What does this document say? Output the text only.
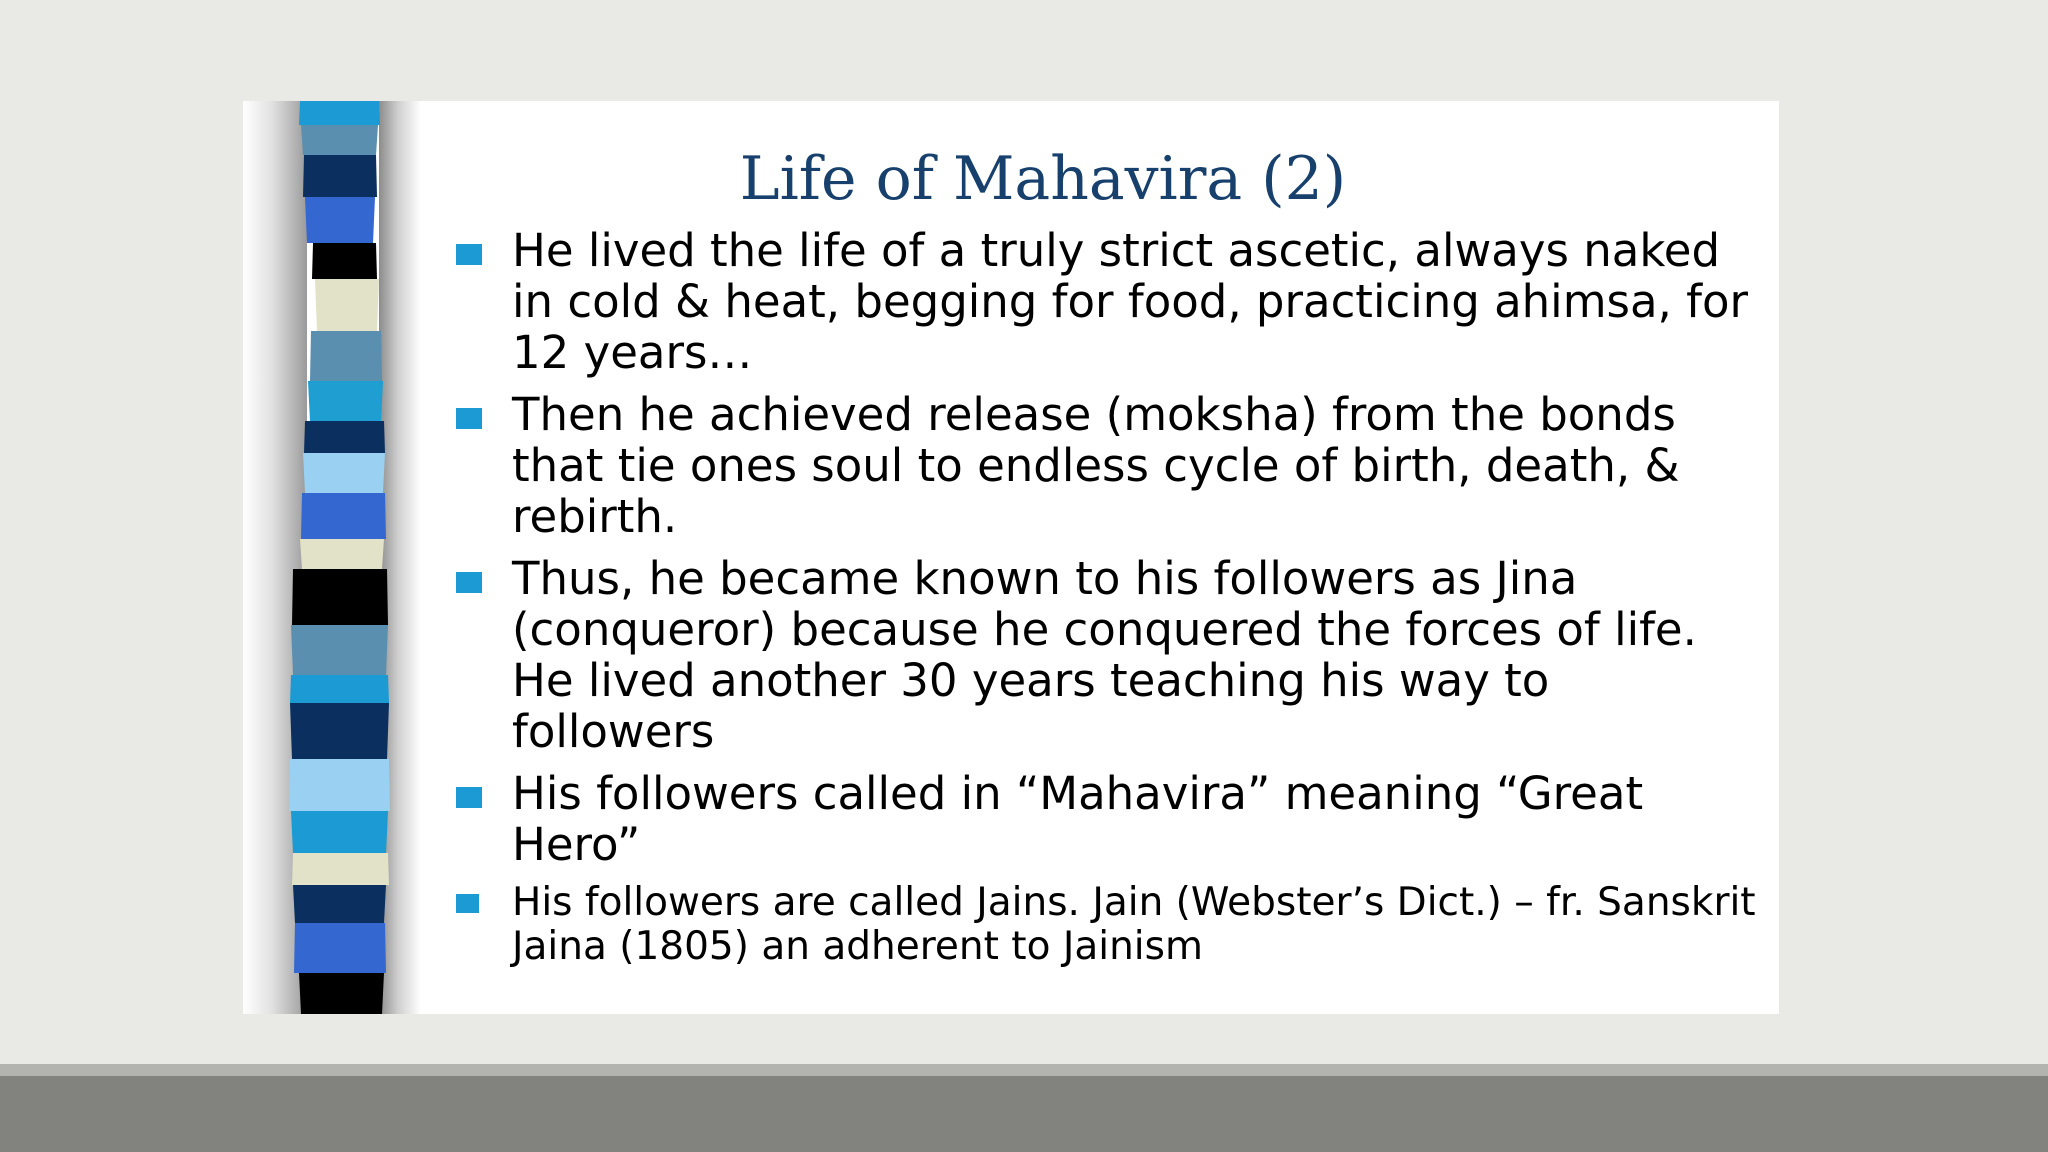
Life of Mahavira (2)
He lived the life of a truly strict ascetic, always naked in cold & heat, begging for food, practicing ahimsa, for 12 years…
Then he achieved release (moksha) from the bonds that tie ones soul to endless cycle of birth, death, & rebirth.
Thus, he became known to his followers as Jina (conqueror) because he conquered the forces of life. He lived another 30 years teaching his way to followers
His followers called in “Mahavira” meaning “Great Hero”
His followers are called Jains. Jain (Webster’s Dict.) – fr. Sanskrit Jaina (1805) an adherent to Jainism
